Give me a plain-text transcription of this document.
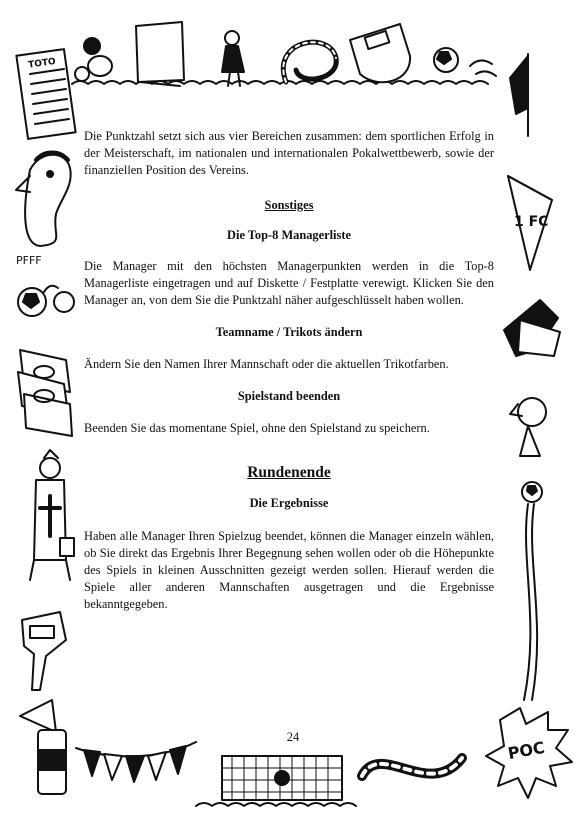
TOTO
PFFF
1 FC
POC

Die Punktzahl setzt sich aus vier Bereichen zusammen: dem sportlichen Erfolg in der Meisterschaft, im nationalen und internationalen Pokalwettbewerb, sowie der finanziellen Position des Vereins.

Sonstiges

Die Top-8 Managerliste

Die Manager mit den höchsten Managerpunkten werden in die Top-8 Managerliste eingetragen und auf Diskette / Festplatte verewigt. Klicken Sie den Manager an, von dem Sie die Punktzahl näher aufgeschlüsselt haben wollen.

Teamname / Trikots ändern

Ändern Sie den Namen Ihrer Mannschaft oder die aktuellen Trikotfarben.

Spielstand beenden

Beenden Sie das momentane Spiel, ohne den Spielstand zu speichern.

Rundenende

Die Ergebnisse

Haben alle Manager Ihren Spielzug beendet, können die Manager einzeln wählen, ob Sie direkt das Ergebnis Ihrer Begegnung sehen wollen oder ob die Höhepunkte des Spiels in kleinen Ausschnitten gezeigt werden sollen. Hierauf werden die Spiele aller anderen Mannschaften ausgetragen und die Ergebnisse bekanntgegeben.

24
